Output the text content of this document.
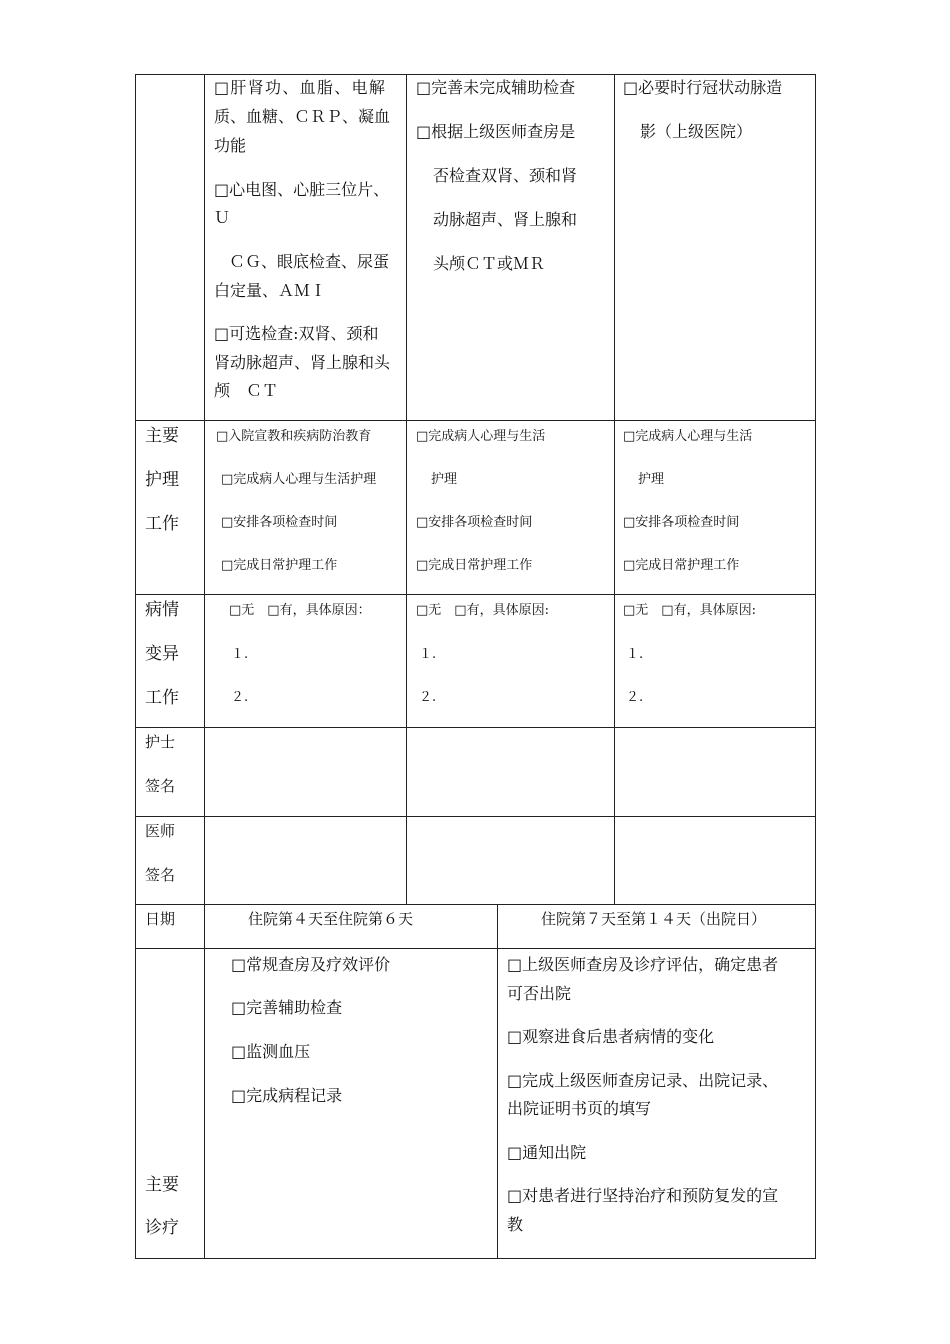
□肝肾功、血脂、电解
质、血糖、ＣＲＰ、凝血
功能
□心电图、心脏三位片、
Ｕ
ＣＧ、眼底检查、尿蛋
白定量、ＡＭＩ
□可选检查:双肾、颈和
肾动脉超声、肾上腺和头
颅　ＣＴ
□完善未完成辅助检查
□根据上级医师查房是
否检查双肾、颈和肾
动脉超声、肾上腺和
头颅ＣＴ或ＭＲ
□必要时行冠状动脉造
影（上级医院）
主要
护理
工作
□入院宣教和疾病防治教育
□完成病人心理与生活护理
□安排各项检查时间
□完成日常护理工作
□完成病人心理与生活
护理
□安排各项检查时间
□完成日常护理工作
□完成病人心理与生活
护理
□安排各项检查时间
□完成日常护理工作
病情
变异
工作
□无　□有，具体原因：
１.
２.
□无　□有，具体原因:
１.
２.
□无　□有，具体原因:
１.
２.
护士
签名
医师
签名
日期	住院第４天至住院第６天	住院第７天至第１４天（出院日）
主要
诊疗
□常规查房及疗效评价
□完善辅助检查
□监测血压
□完成病程记录
□上级医师查房及诊疗评估，确定患者
可否出院
□观察进食后患者病情的变化
□完成上级医师查房记录、出院记录、
出院证明书页的填写
□通知出院
□对患者进行坚持治疗和预防复发的宣
教
